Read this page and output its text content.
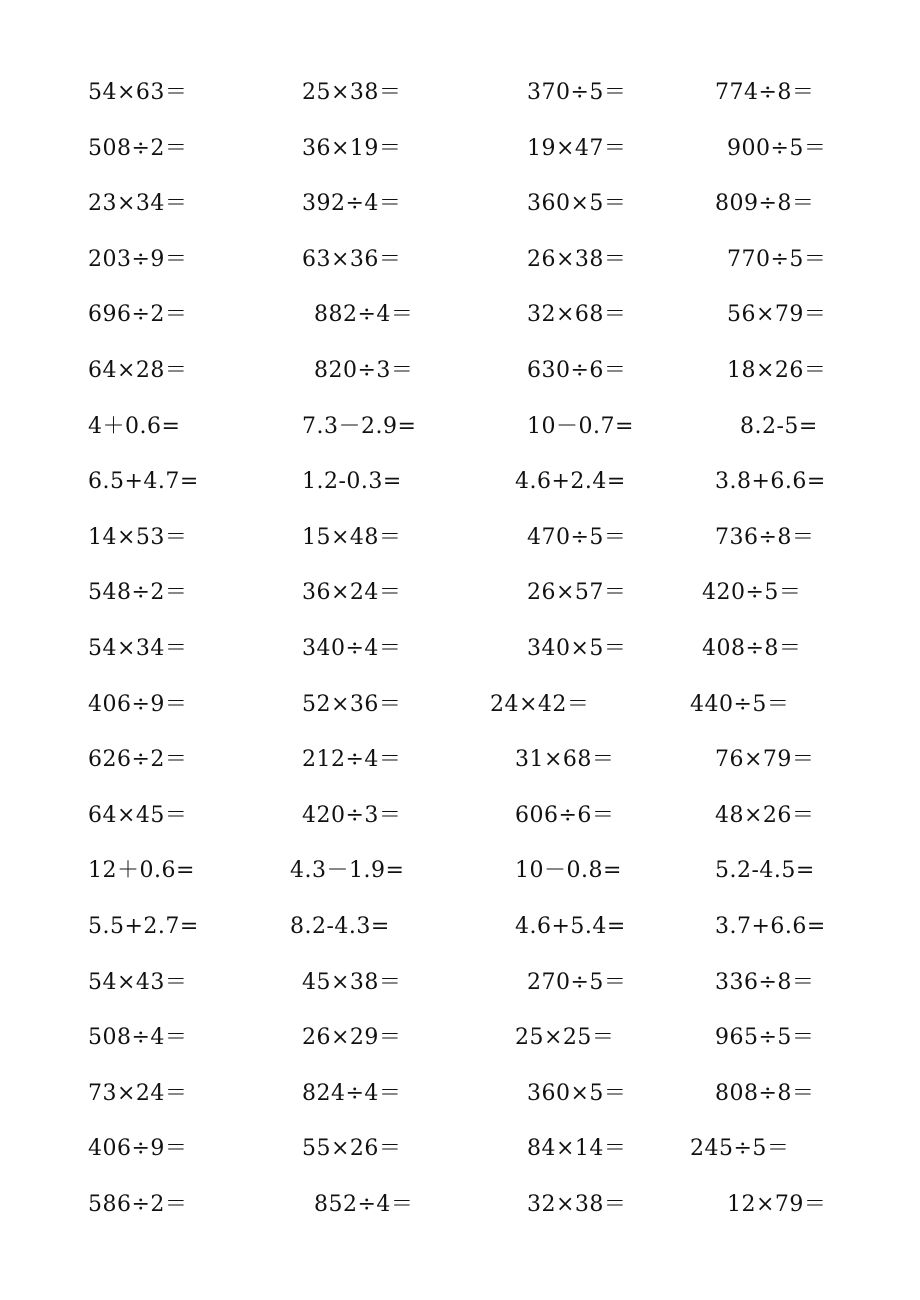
54×63＝	25×38＝	370÷5＝	774÷8＝
508÷2＝	36×19＝	19×47＝	900÷5＝
23×34＝	392÷4＝	360×5＝	809÷8＝
203÷9＝	63×36＝	26×38＝	770÷5＝
696÷2＝	882÷4＝	32×68＝	56×79＝
64×28＝	820÷3＝	630÷6＝	18×26＝
4＋0.6=	7.3－2.9=	10－0.7=	8.2-5=
6.5+4.7=	1.2-0.3=	4.6+2.4=	3.8+6.6=
14×53＝	15×48＝	470÷5＝	736÷8＝
548÷2＝	36×24＝	26×57＝	420÷5＝
54×34＝	340÷4＝	340×5＝	408÷8＝
406÷9＝	52×36＝	24×42＝	440÷5＝
626÷2＝	212÷4＝	31×68＝	76×79＝
64×45＝	420÷3＝	606÷6＝	48×26＝
12＋0.6=	4.3－1.9=	10－0.8=	5.2-4.5=
5.5+2.7=	8.2-4.3=	4.6+5.4=	3.7+6.6=
54×43＝	45×38＝	270÷5＝	336÷8＝
508÷4＝	26×29＝	25×25＝	965÷5＝
73×24＝	824÷4＝	360×5＝	808÷8＝
406÷9＝	55×26＝	84×14＝	245÷5＝
586÷2＝	852÷4＝	32×38＝	12×79＝
